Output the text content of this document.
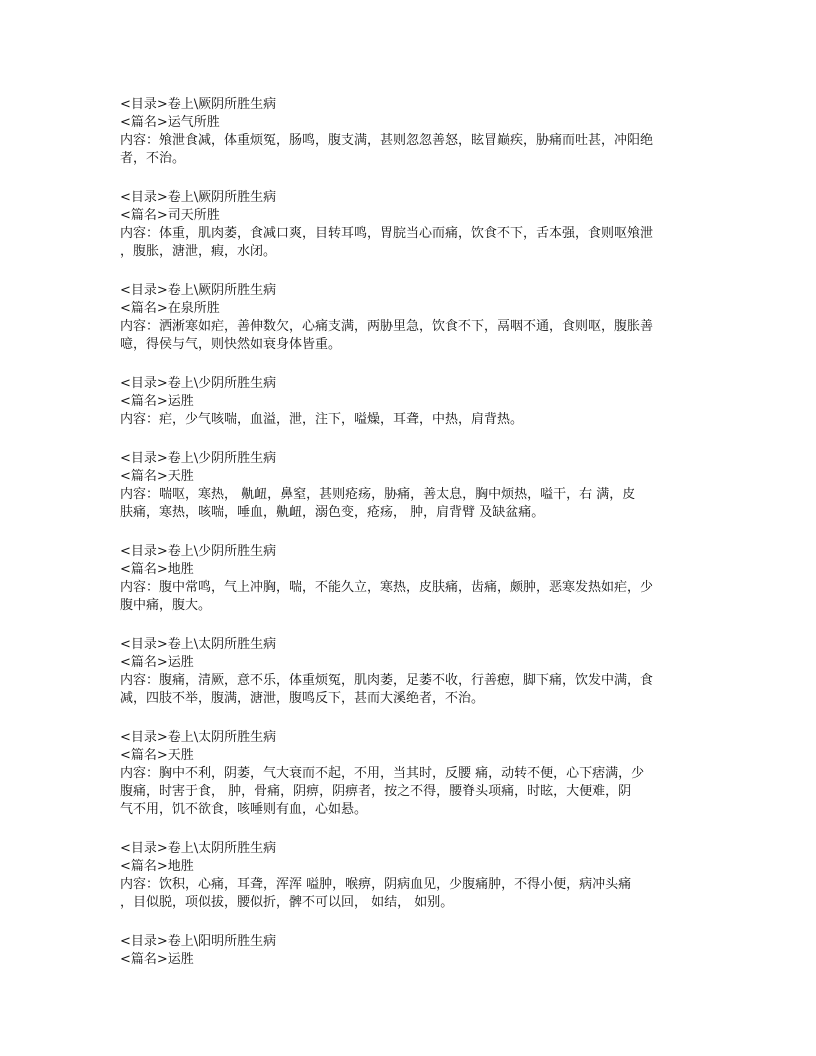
<目录>卷上\厥阴所胜生病
<篇名>运气所胜
内容：飧泄食减，体重烦冤，肠鸣，腹支满，甚则忽忽善怒，眩冒巅疾，胁痛而吐甚，冲阳绝
者，不治。
<目录>卷上\厥阴所胜生病
<篇名>司天所胜
内容：体重，肌肉萎，食减口爽，目转耳鸣，胃脘当心而痛，饮食不下，舌本强，食则呕飧泄
，腹胀，溏泄，瘕，水闭。
<目录>卷上\厥阴所胜生病
<篇名>在泉所胜
内容：洒淅寒如疟，善伸数欠，心痛支满，两胁里急，饮食不下，鬲咽不通，食则呕，腹胀善
噫，得侯与气，则快然如衰身体皆重。
<目录>卷上\少阴所胜生病
<篇名>运胜
内容：疟，少气咳喘，血溢，泄，注下，嗌燥，耳聋，中热，肩背热。
<目录>卷上\少阴所胜生病
<篇名>天胜
内容：喘呕，寒热， 鼽衄，鼻窒，甚则疮疡，胁痛，善太息，胸中烦热，嗌干，右 满，皮
肤痛，寒热，咳喘，唾血，鼽衄，溺色变，疮疡， 肿，肩背臂 及缺盆痛。
<目录>卷上\少阴所胜生病
<篇名>地胜
内容：腹中常鸣，气上冲胸，喘，不能久立，寒热，皮肤痛，齿痛，颇肿，恶寒发热如疟，少
腹中痛，腹大。
<目录>卷上\太阴所胜生病
<篇名>运胜
内容：腹痛，清厥，意不乐，体重烦冤，肌肉萎，足萎不收，行善瘛，脚下痛，饮发中满，食
减，四肢不举，腹满，溏泄，腹鸣反下，甚而大溪绝者，不治。
<目录>卷上\太阴所胜生病
<篇名>天胜
内容：胸中不利，阴萎，气大衰而不起，不用，当其时，反腰 痛，动转不便，心下痞满，少
腹痛，时害于食， 肿，骨痛，阴痹，阴痹者，按之不得，腰脊头项痛，时眩，大便难，阴
气不用，饥不欲食，咳唾则有血，心如悬。
<目录>卷上\太阴所胜生病
<篇名>地胜
内容：饮积，心痛，耳聋，浑浑 嗌肿，喉痹，阴病血见，少腹痛肿，不得小便，病冲头痛
，目似脱，项似拔，腰似折，髀不可以回， 如结， 如别。
<目录>卷上\阳明所胜生病
<篇名>运胜
